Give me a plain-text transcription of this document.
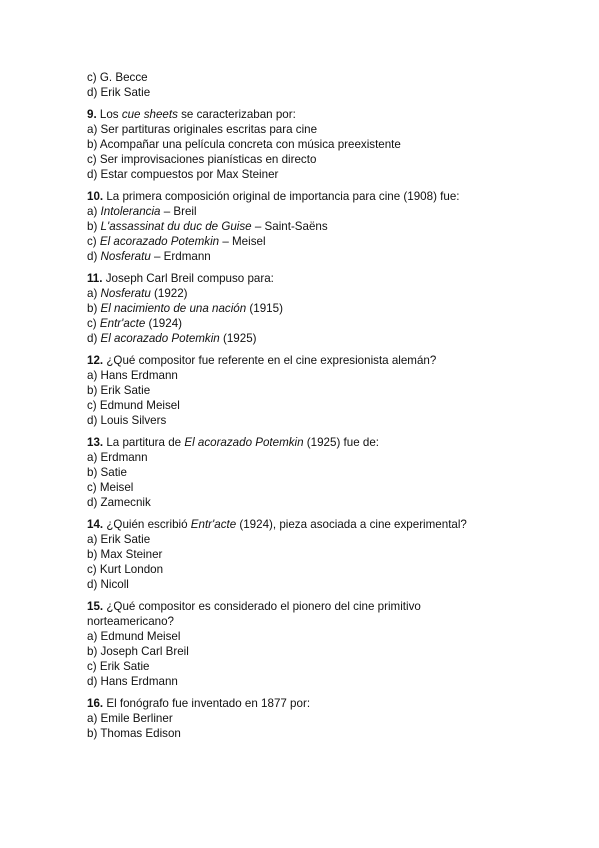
c) G. Becce
d) Erik Satie
9. Los cue sheets se caracterizaban por:
a) Ser partituras originales escritas para cine
b) Acompañar una película concreta con música preexistente
c) Ser improvisaciones pianísticas en directo
d) Estar compuestos por Max Steiner
10. La primera composición original de importancia para cine (1908) fue:
a) Intolerancia – Breil
b) L'assassinat du duc de Guise – Saint-Saëns
c) El acorazado Potemkin – Meisel
d) Nosferatu – Erdmann
11. Joseph Carl Breil compuso para:
a) Nosferatu (1922)
b) El nacimiento de una nación (1915)
c) Entr'acte (1924)
d) El acorazado Potemkin (1925)
12. ¿Qué compositor fue referente en el cine expresionista alemán?
a) Hans Erdmann
b) Erik Satie
c) Edmund Meisel
d) Louis Silvers
13. La partitura de El acorazado Potemkin (1925) fue de:
a) Erdmann
b) Satie
c) Meisel
d) Zamecnik
14. ¿Quién escribió Entr'acte (1924), pieza asociada a cine experimental?
a) Erik Satie
b) Max Steiner
c) Kurt London
d) Nicoll
15. ¿Qué compositor es considerado el pionero del cine primitivo
norteamericano?
a) Edmund Meisel
b) Joseph Carl Breil
c) Erik Satie
d) Hans Erdmann
16. El fonógrafo fue inventado en 1877 por:
a) Emile Berliner
b) Thomas Edison
